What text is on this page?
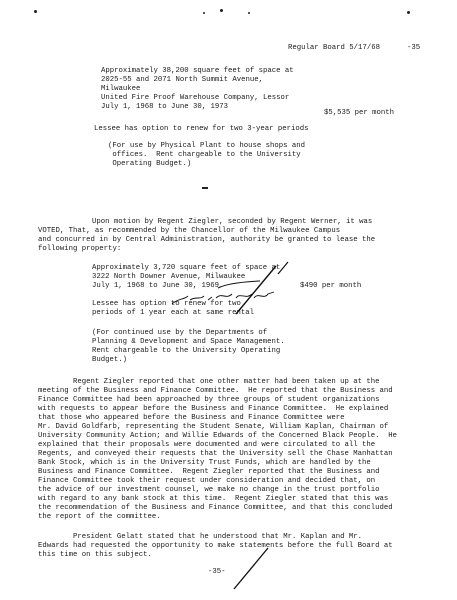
Regular Board 5/17/68	-35
Approximately 38,200 square feet of space at
2025-55 and 2071 North Summit Avenue,
Milwaukee
United Fire Proof Warehouse Company, Lessor
July 1, 1968 to June 30, 1973
$5,535 per month
Lessee has option to renew for two 3-year periods
(For use by Physical Plant to house shops and
offices.  Rent chargeable to the University
Operating Budget.)
Upon motion by Regent Ziegler, seconded by Regent Werner, it was
VOTED, That, as recommended by the Chancellor of the Milwaukee Campus
and concurred in by Central Administration, authority be granted to lease the
following property:
Approximately 3,720 square feet of space at
3222 North Downer Avenue, Milwaukee
July 1, 1968 to June 30, 1969	$490 per month
Lessee has option to renew for two
periods of 1 year each at same rental
(For continued use by the Departments of
Planning & Development and Space Management.
Rent chargeable to the University Operating
Budget.)
Regent Ziegler reported that one other matter had been taken up at the
meeting of the Business and Finance Committee.  He reported that the Business and
Finance Committee had been approached by three groups of student organizations
with requests to appear before the Business and Finance Committee.  He explained
that those who appeared before the Business and Finance Committee were
Mr. David Goldfarb, representing the Student Senate, William Kaplan, Chairman of
University Community Action; and Willie Edwards of the Concerned Black People.  He
explained that their proposals were documented and were circulated to all the
Regents, and conveyed their requests that the University sell the Chase Manhattan
Bank Stock, which is in the University Trust Funds, which are handled by the
Business and Finance Committee.  Regent Ziegler reported that the Business and
Finance Committee took their request under consideration and decided that, on
the advice of our investment counsel, we make no change in the trust portfolio
with regard to any bank stock at this time.  Regent Ziegler stated that this was
the recommendation of the Business and Finance Committee, and that this concluded
the report of the committee.
President Gelatt stated that he understood that Mr. Kaplan and Mr.
Edwards had requested the opportunity to make statements before the full Board at
this time on this subject.
-35-
